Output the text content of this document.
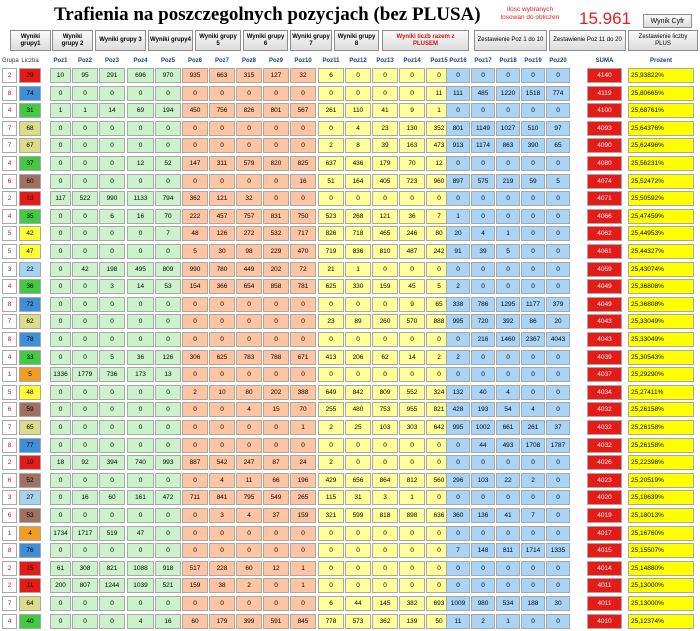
Trafienia na poszczegolnych pozycjach (bez PLUSA)	Ilosc wybranych losowan do obliczen 15.961	Wynik Cyfr
Wyniki grupy1
Wyniki grupy 2
Wyniki grupy 3	Wyniki grupy4
Wyniki grupy 5
Wyniki grupy 6
Wyniki grupy 7
Wyniki grupy 8
Wyniki liczb razem z PLUSEM
Zestawienie Poz 1 do 10	Zestawienie Poz 11 do 20
Zestawienie liczby PLUS
Grupa Liczba	Poz1	Poz2	Poz3	Poz4	Poz5	Poz6	Poz7	Poz8	Poz9	Poz10	Poz11	Poz12	Poz13	Poz14	Poz15 Poz16	Poz17	Poz18	Poz19	Poz20	SUMA	Prozent
2	29	10	95	291	696	970	935	663	315	127	32	6	0	0	0	0	0	0	0	0	0	4140	25,93822%
8	74	0	0	0	0	0	0	0	0	0	0	0	0	0	0	11	111	485	1220	1518	774	4119	25,80665%
4	31	1	1	14	69	194	450	756	826	801	567	261	110	41	9	1	0	0	0	0	0	4100	25,68761%
7	68	0	0	0	0	0	0	0	0	0	0	0	4	23	130	352	801	1149	1027	510	97	4093	25,64376%
7	67	0	0	0	0	0	0	0	0	0	0	2	8	39	163	473	913	1174	863	390	65	4090	25,62496%
4	37	0	0	0	12	52	147	311	579	820	825	637	436	179	70	12	0	0	0	0	0	4080	25,56231%
6	60	0	0	0	0	0	0	0	0	0	16	51	164	405	723	960	897	575	219	59	5	4074	25,52472%
2	13	117	522	990	1133	794	362	121	32	0	0	0	0	0	0	0	0	0	0	0	0	4071	25,50592%
4	35	0	0	6	16	70	222	457	757	831	750	523	268	121	36	7	1	0	0	0	0	4066	25,47459%
5	42	0	0	0	0	7	48	126	272	532	717	826	718	465	246	80	20	4	1	0	0	4062	25,44953%
5	47	0	0	0	0	0	5	30	98	229	470	719	836	810	487	242	91	39	5	0	0	4061	25,44327%
3	22	0	42	198	495	809	990	780	449	202	72	21	1	0	0	0	0	0	0	0	0	4059	25,43074%
4	36	0	0	3	14	53	154	366	654	858	781	625	330	159	45	5	2	0	0	0	0	4049	25,36808%
8	72	0	0	0	0	0	0	0	0	0	0	0	0	0	9	65	338	786	1295	1177	379	4049	25,36808%
7	62	0	0	0	0	0	0	0	0	0	0	23	89	260	570	888	995	720	392	86	20	4043	25,33049%
8	78	0	0	0	0	0	0	0	0	0	0	0	0	0	0	0	0	216	1460	2367	4043	4043	25,33049%
4	33	0	0	5	36	126	306	625	783	788	671	413	206	62	14	2	2	0	0	0	0	4039	25,30543%
1	5	1336	1779	736	173	13	0	0	0	0	0	0	0	0	0	0	0	0	0	0	0	4037	25,29290%
5	48	0	0	0	0	0	2	10	80	202	388	649	842	809	552	324	132	40	4	0	0	4034	25,27411%
6	59	0	0	0	0	0	0	0	4	15	70	255	480	753	955	821	428	193	54	4	0	4032	25,26158%
7	65	0	0	0	0	0	0	0	0	0	1	2	25	103	303	642	995	1002	661	261	37	4032	25,26158%
8	77	0	0	0	0	0	0	0	0	0	0	0	0	0	0	0	0	44	493	1708	1787	4032	25,26158%
2	19	18	92	394	740	993	887	542	247	87	24	2	0	0	0	0	0	0	0	0	0	4026	25,22398%
6	52	0	0	0	0	0	0	4	11	66	196	429	656	864	812	560	296	103	22	2	0	4023	25,20519%
3	27	0	16	60	161	472	711	841	795	549	265	115	31	3	1	0	0	0	0	0	0	4020	25,18639%
6	53	0	0	0	0	0	0	3	4	37	159	321	599	818	898	636	360	136	41	7	0	4019	25,18013%
1	4	1734	1717	519	47	0	0	0	0	0	0	0	0	0	0	0	0	0	0	0	0	4017	25,16760%
8	76	0	0	0	0	0	0	0	0	0	0	0	0	0	0	0	7	148	811	1714	1335	4015	25,15507%
2	15	61	308	821	1088	918	517	228	60	12	1	0	0	0	0	0	0	0	0	0	0	4014	25,14880%
2	11	200	807	1244	1039	521	159	38	2	0	1	0	0	0	0	0	0	0	0	0	0	4011	25,13000%
7	64	0	0	0	0	0	0	0	0	0	0	6	44	145	382	693 1009	980	534	188	30	4011	25,13000%
4	40	0	0	0	4	16	60	179	399	591	845	778	573	362	139	50	11	2	1	0	0	4010	25,12374%
